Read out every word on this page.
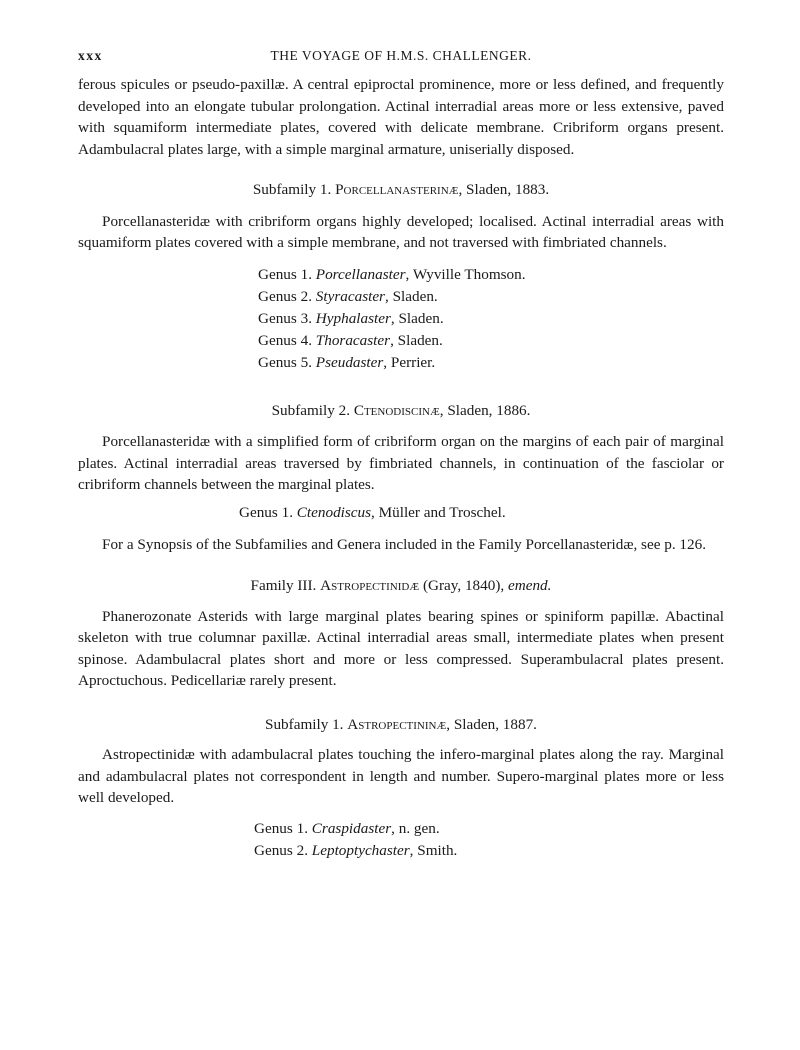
THE VOYAGE OF H.M.S. CHALLENGER.
xxx

ferous spicules or pseudo-paxillæ. A central epiproctal prominence, more or less defined, and frequently developed into an elongate tubular prolongation. Actinal interradial areas more or less extensive, paved with squamiform intermediate plates, covered with delicate membrane. Cribriform organs present. Adambulacral plates large, with a simple marginal armature, uniserially disposed.

Subfamily 1. Porcellanasterinæ, Sladen, 1883.

Porcellanasteridæ with cribriform organs highly developed; localised. Actinal interradial areas with squamiform plates covered with a simple membrane, and not traversed with fimbriated channels.

Genus 1. Porcellanaster, Wyville Thomson.
Genus 2. Styracaster, Sladen.
Genus 3. Hyphalaster, Sladen.
Genus 4. Thoracaster, Sladen.
Genus 5. Pseudaster, Perrier.
Subfamily 2. Ctenodiscinæ, Sladen, 1886.

Porcellanasteridæ with a simplified form of cribriform organ on the margins of each pair of marginal plates. Actinal interradial areas traversed by fimbriated channels, in continuation of the fasciolar or cribriform channels between the marginal plates.

Genus 1. Ctenodiscus, Müller and Troschel.

For a Synopsis of the Subfamilies and Genera included in the Family Porcellanasteridæ, see p. 126.

Family III. Astropectinidæ (Gray, 1840), emend.

Phanerozonate Asterids with large marginal plates bearing spines or spiniform papillæ. Abactinal skeleton with true columnar paxillæ. Actinal interradial areas small, intermediate plates when present spinose. Adambulacral plates short and more or less compressed. Superambulacral plates present. Aproctuchous. Pedicellariæ rarely present.

Subfamily 1. Astropectininæ, Sladen, 1887.

Astropectinidæ with adambulacral plates touching the infero-marginal plates along the ray. Marginal and adambulacral plates not correspondent in length and number. Supero-marginal plates more or less well developed.

Genus 1. Craspidaster, n. gen.
Genus 2. Leptoptychaster, Smith.
